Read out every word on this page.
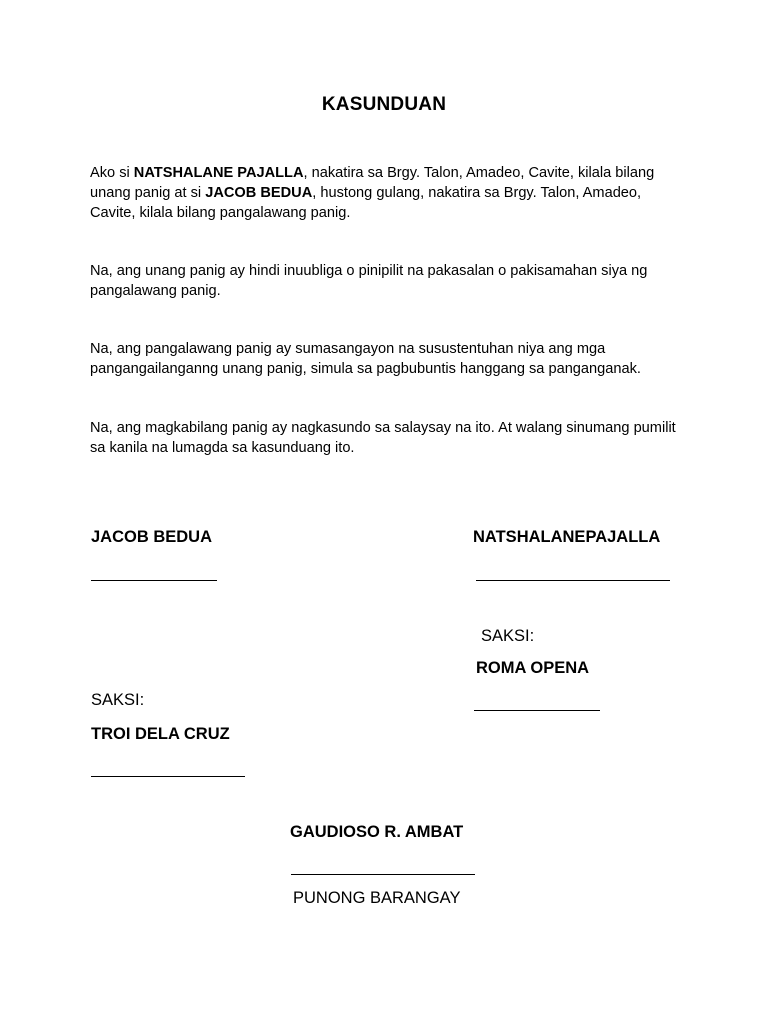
KASUNDUAN
Ako si NATSHALANE PAJALLA, nakatira sa Brgy. Talon, Amadeo, Cavite, kilala bilang unang panig at si JACOB BEDUA, hustong gulang, nakatira sa Brgy. Talon, Amadeo, Cavite, kilala bilang pangalawang panig.
Na, ang unang panig ay hindi inuubliga o pinipilit na pakasalan o pakisamahan siya ng pangalawang panig.
Na, ang pangalawang panig ay sumasangayon na susustentuhan niya ang mga pangangailanganng unang panig, simula sa pagbubuntis hanggang sa panganganak.
Na, ang magkabilang panig ay nagkasundo sa salaysay na ito. At walang sinumang pumilit sa kanila na lumagda sa kasunduang ito.
JACOB BEDUA	NATSHALANEPAJALLA
SAKSI:
ROMA OPENA
SAKSI:
TROI DELA CRUZ
GAUDIOSO R. AMBAT
PUNONG BARANGAY
